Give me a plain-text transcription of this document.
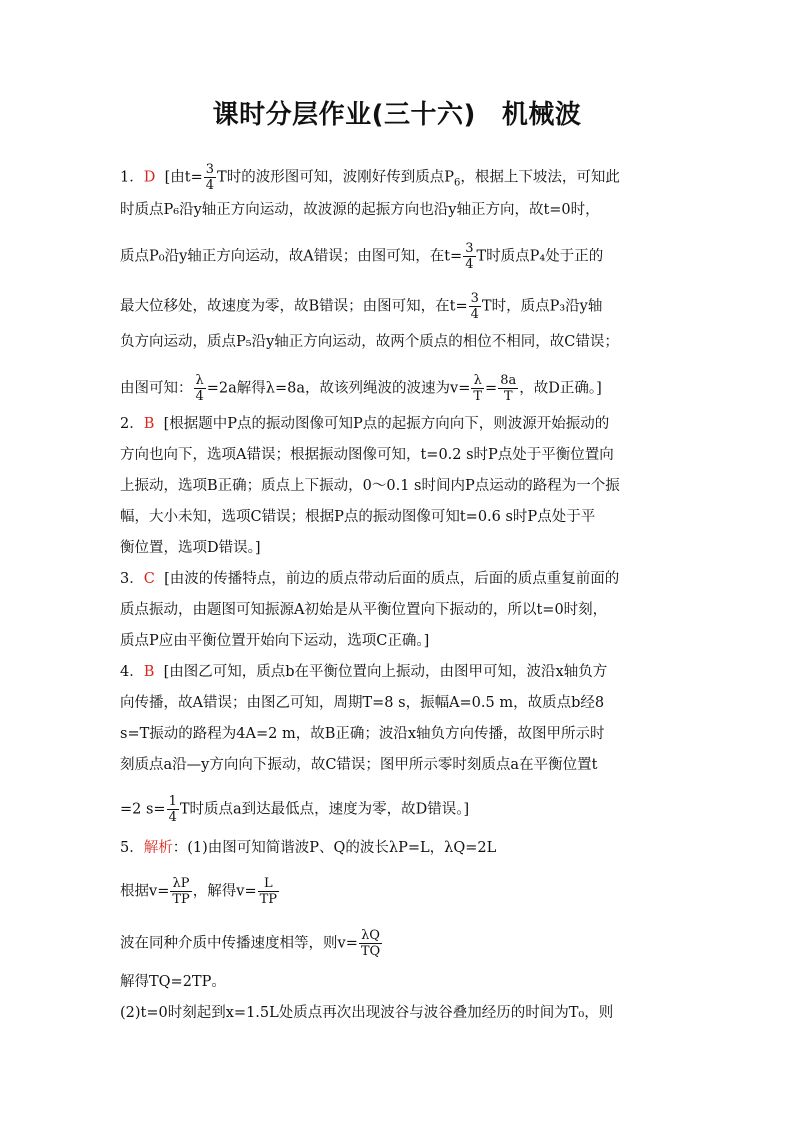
课时分层作业(三十六) 机械波
1．D [由$t= \frac{3}{4}$ T时的波形图可知，波刚好传到质点$P_6$，根据上下坡法，可知此
时质点P₆沿y轴正方向运动，故波源的起振方向也沿y轴正方向，故t=0时，
质点P₀沿y轴正方向运动，故A错误；由图可知，在$t= \frac{3}{4}$ T时质点P₄处于正的
最大位移处，故速度为零，故B错误；由图可知，在$t= \frac{3}{4}$ T时，质点P₃沿y轴
负方向运动，质点P₅沿y轴正方向运动，故两个质点的相位不相同，故C错误；
由图可知： $\frac{\lambda}{4} =2a$解得λ=8a，故该列绳波的波速为$v= \frac{\lambda}{T} = \frac{8a}{T}$ ，故D正确。]
2．B [根据题中P点的振动图像可知P点的起振方向向下，则波源开始振动的
方向也向下，选项A错误；根据振动图像可知，t=0.2 s时P点处于平衡位置向
上振动，选项B正确；质点上下振动，0～0.1 s时间内P点运动的路程为一个振
幅，大小未知，选项C错误；根据P点的振动图像可知t=0.6 s时P点处于平
衡位置，选项D错误。]
3．C [由波的传播特点，前边的质点带动后面的质点，后面的质点重复前面的
质点振动，由题图可知振源A初始是从平衡位置向下振动的，所以t=0时刻，
质点P应由平衡位置开始向下运动，选项C正确。]
4．B [由图乙可知，质点b在平衡位置向上振动，由图甲可知，波沿x轴负方
向传播，故A错误；由图乙可知，周期T=8 s，振幅A=0.5 m，故质点b经8
s=T振动的路程为4A=2 m，故B正确；波沿x轴负方向传播，故图甲所示时
刻质点a沿—y方向向下振动，故C错误；图甲所示零时刻质点a在平衡位置t
=2 $s= \frac{1}{4}$ T时质点a到达最低点，速度为零，故D错误。]
5．解析：(1)由图可知简谐波P、Q的波长λP=L，λQ=2L
根据$v= \frac{\lambda P}{TP}$ ，解得$v= \frac{L}{TP}$
波在同种介质中传播速度相等，则$v= \frac{\lambda Q}{TQ}$
解得TQ=2TP。
(2)t=0时刻起到x=1.5L处质点再次出现波谷与波谷叠加经历的时间为T₀，则
